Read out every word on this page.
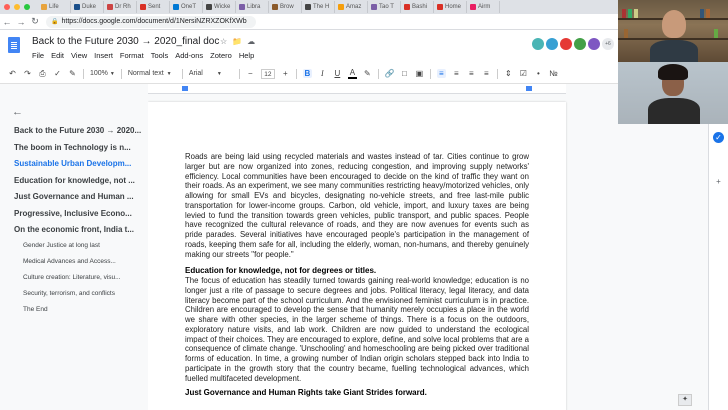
Life	Duke	Dr Rh	Sent	OneT	Wicke	Libra	Brow	The H	Amaz	Tao T	Bashi	Home	Airm
← → ↻	🔒 https://docs.google.com/document/d/1NersiNZRXZOKfXWb
Back to the Future 2030 → 2020_final doc ☆ 📁 ☁
File Edit View Insert Format Tools Add-ons Zotero Help
+6
↶ ↷ ⎙ ✓ ✎ 100% ▼ Normal text ▼ Arial	▼	−	12	+ B	I	U A ✎ 🔗 □ ▣ ≡ ≡ ≡ ≡ ⇕ ☑	•	№
←
Back to the Future 2030 → 2020...
The boom in Technology is n...
Sustainable Urban Developm...
Education for knowledge, not ...
Just Governance and Human ...
Progressive, Inclusive Econo...
On the economic front, India t...
Gender Justice at long last
Medical Advances and Access...
Culture creation: Literature, visu...
Security, terrorism, and conflicts
The End
Roads are being laid using recycled materials and wastes instead of tar. Cities continue to grow larger but are now organized into zones, reducing congestion, and improving supply networks' efficiency. Local communities have been encouraged to decide on the kind of traffic they want on their roads. As an experiment, we see many communities restricting heavy/motorized vehicles, only allowing for small EVs and bicycles, designating no-vehicle streets, and free last-mile public transportation for lower-income groups. Carbon, old vehicle, import, and luxury taxes are being levied to fund the transition towards green vehicles, public transport, and public spaces. People have recognized the cultural relevance of roads, and they are now avenues for events such as pride parades. Several initiatives have encouraged people's participation in the management of roads, keeping them safe for all, including the elderly, woman, non-humans, and thereby genuinely making our streets "for people."
Education for knowledge, not for degrees or titles.
The focus of education has steadily turned towards gaining real-world knowledge; education is no longer just a rite of passage to secure degrees and jobs. Political literacy, legal literacy, and data literacy become part of the school curriculum. And the envisioned feminist curriculum is in practice. Children are encouraged to develop the sense that humanity merely occupies a place in the world we share with other species, in the larger scheme of things. There is a focus on the outdoors, exploratory nature visits, and lab work. Children are now guided to understand the ecological impact of their choices. They are encouraged to explore, define, and solve local problems that are a consequence of climate change. 'Unschooling' and homeschooling are being picked over traditional forms of education. In time, a growing number of Indian origin scholars stepped back into India to participate in the growth story that the country became, fuelling technological advances, which fuelled multifaceted development.
Just Governance and Human Rights take Giant Strides forward.
✓
+
✦
